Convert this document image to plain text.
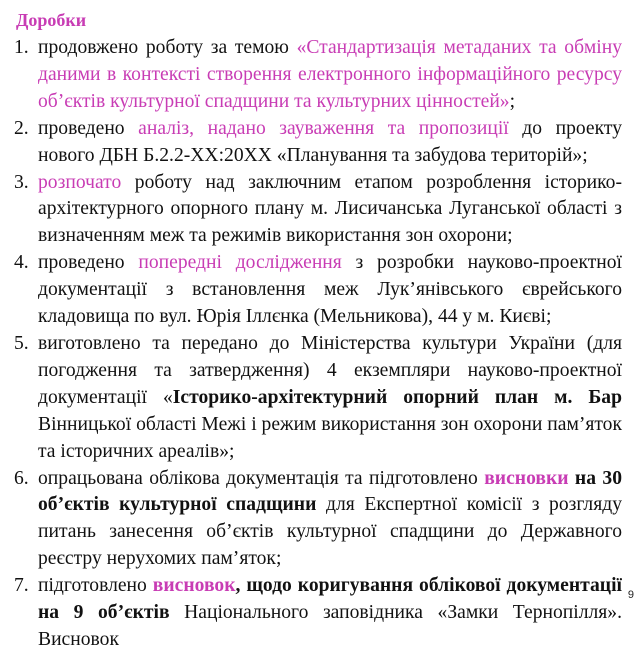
Доробки
1. продовжено роботу за темою «Стандартизація метаданих та обміну даними в контексті створення електронного інформаційного ресурсу об’єктів культурної спадщини та культурних цінностей»;
2. проведено аналіз, надано зауваження та пропозиції до проекту нового ДБН Б.2.2-ХХ:20ХХ «Планування та забудова територій»;
3. розпочато роботу над заключним етапом розроблення історико-архітектурного опорного плану м. Лисичанська Луганської області з визначенням меж та режимів використання зон охорони;
4. проведено попередні дослідження з розробки науково-проектної документації з встановлення меж Лук’янівського єврейського кладовища по вул. Юрія Іллєнка (Мельникова), 44 у м. Києві;
5. виготовлено та передано до Міністерства культури України (для погодження та затвердження) 4 екземпляри науково-проектної документації «Історико-архітектурний опорний план м. Бар Вінницької області Межі і режим використання зон охорони пам’яток та історичних ареалів»;
6. опрацьована облікова документація та підготовлено висновки на 30 об’єктів культурної спадщини для Експертної комісії з розгляду питань занесення об’єктів культурної спадщини до Державного реєстру нерухомих пам’яток;
7. підготовлено висновок, щодо коригування облікової документації на 9 об’єктів Національного заповідника «Замки Тернопілля». Висновок
9
